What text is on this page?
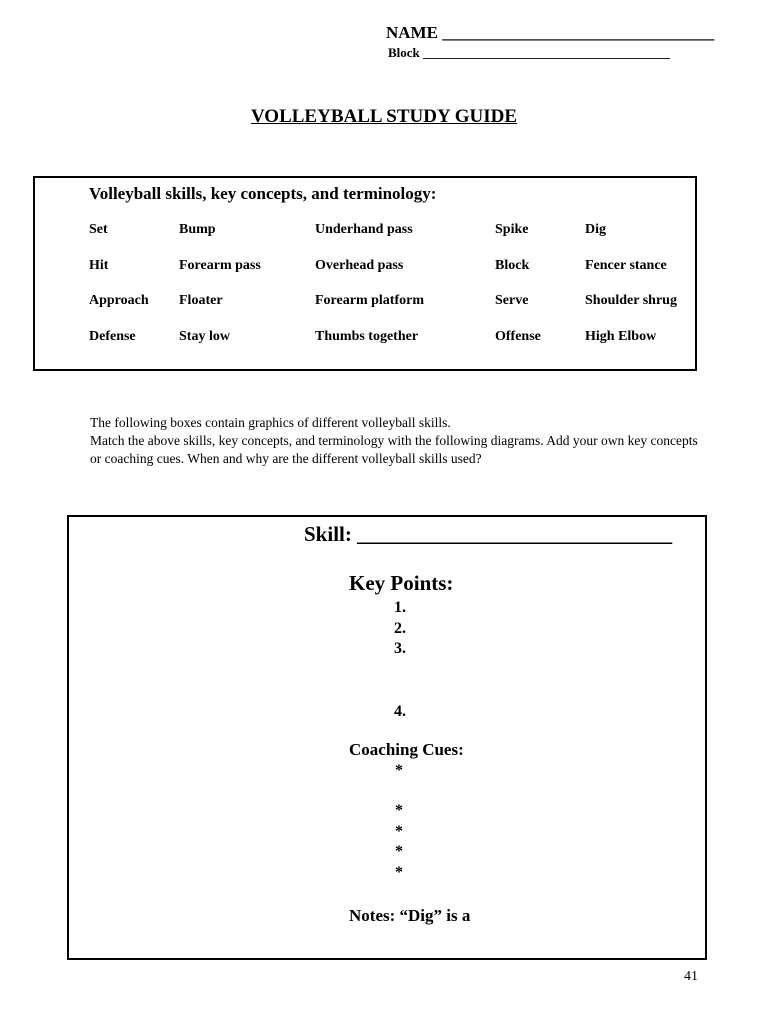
NAME ________________________________
Block ______________________________________
VOLLEYBALL STUDY GUIDE
Volleyball skills, key concepts, and terminology:
Set	Bump	Underhand pass	Spike	Dig
Hit	Forearm pass	Overhead pass	Block	Fencer stance
Approach Floater	Forearm platform	Serve	Shoulder shrug
Defense	Stay low	Thumbs together	Offense	High Elbow

The following boxes contain graphics of different volleyball skills.

Match the above skills, key concepts, and terminology with the following diagrams. Add your own key concepts or coaching cues. When and why are the different volleyball skills used?

Skill: ______________________________
Key Points:
1.
2.
3.
4.
Coaching Cues:
*
*
*
*
*
Notes: “Dig” is a
41
